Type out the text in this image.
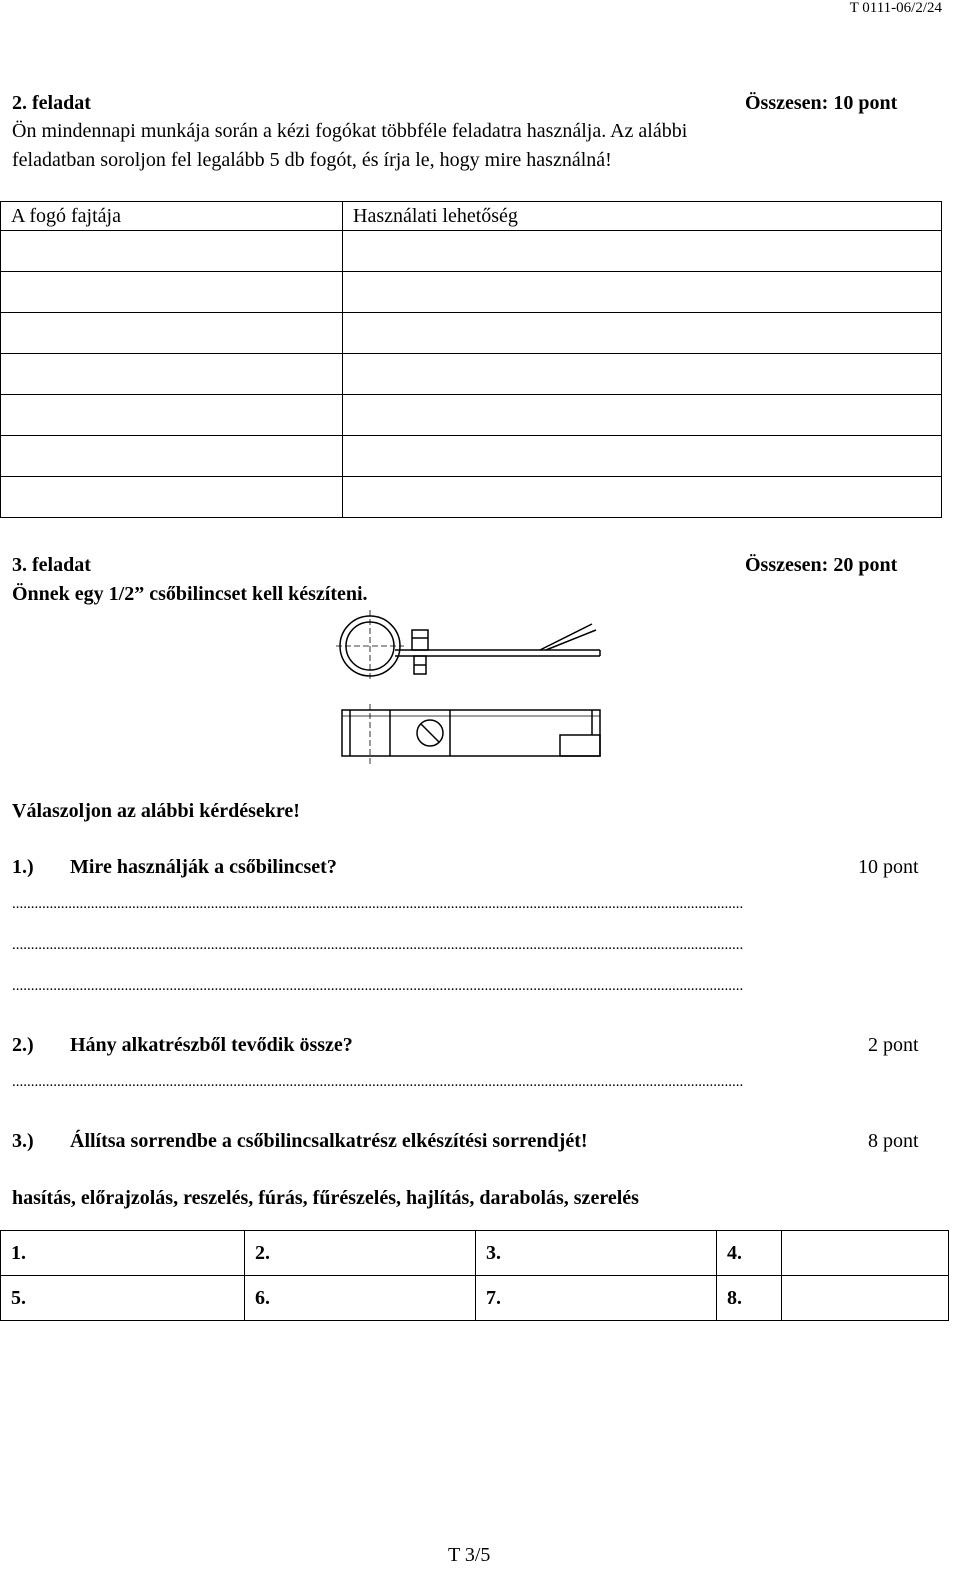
T 0111-06/2/24
2. feladat	Összesen: 10 pont
Ön mindennapi munkája során a kézi fogókat többféle feladatra használja. Az alábbi
feladatban soroljon fel legalább 5 db fogót, és írja le, hogy mire használná!
A fogó fajtája	Használati lehetőség

3. feladat	Összesen: 20 pont
Önnek egy 1/2” csőbilincset kell készíteni.
Válaszoljon az alábbi kérdésekre!
1.) Mire használják a csőbilincset?	10 pont
...................................................................................................................................................................................................
...................................................................................................................................................................................................
...................................................................................................................................................................................................
2.) Hány alkatrészből tevődik össze?	2 pont
...................................................................................................................................................................................................
3.) Állítsa sorrendbe a csőbilincsalkatrész elkészítési sorrendjét!	8 pont
hasítás, előrajzolás, reszelés, fúrás, fűrészelés, hajlítás, darabolás, szerelés
1.	2.	3.	4.	
5.	6.	7.	8.	
T 3/5
